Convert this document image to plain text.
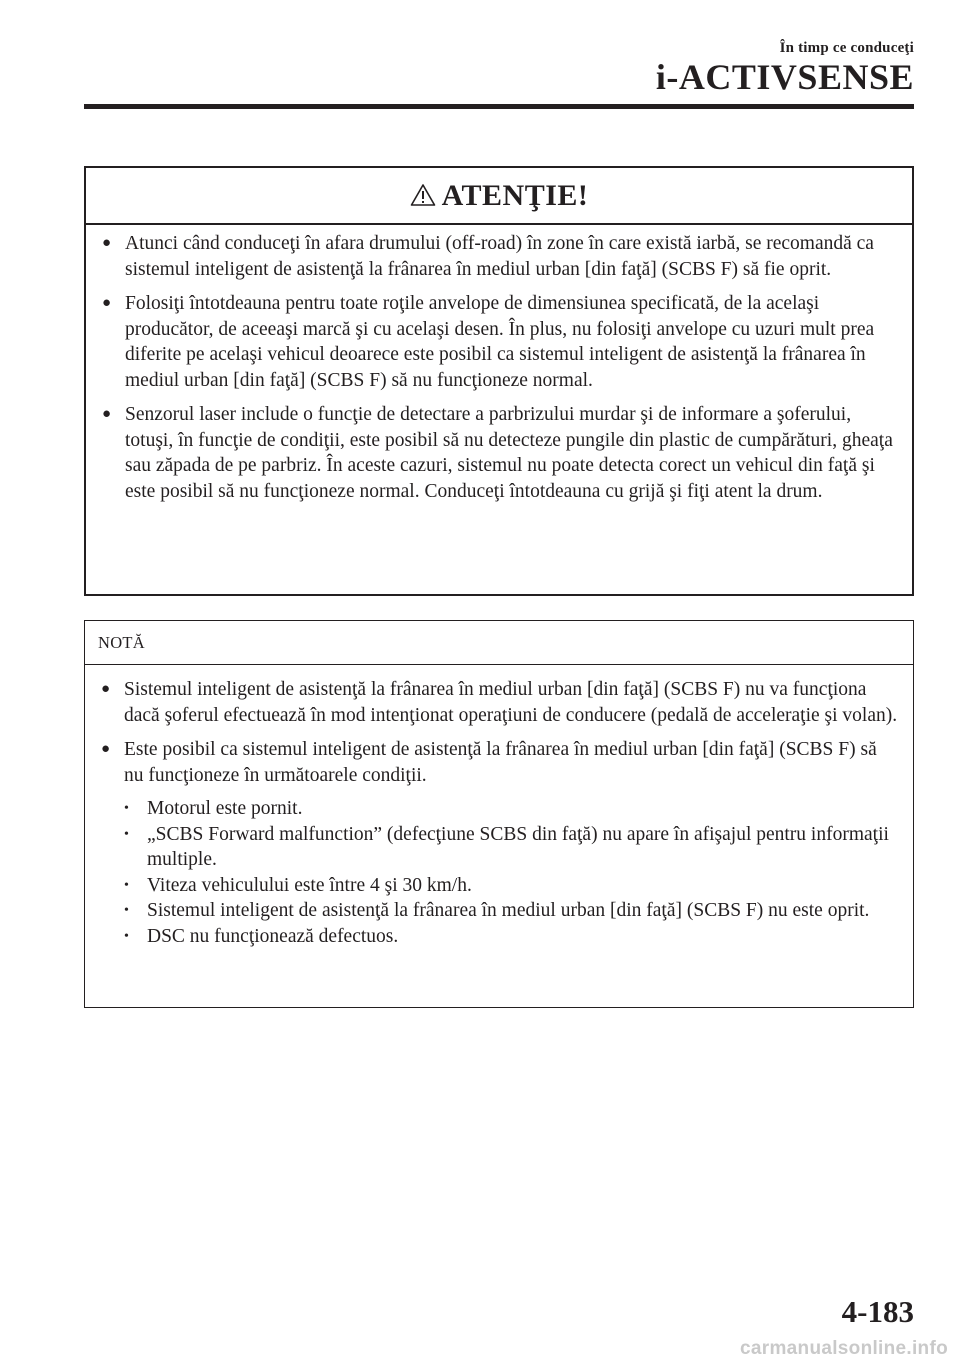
În timp ce conduceţi
i-ACTIVSENSE
ATENŢIE!
● Atunci când conduceţi în afara drumului (off-road) în zone în care există iarbă, se recomandă ca sistemul inteligent de asistenţă la frânarea în mediul urban [din faţă] (SCBS F) să fie oprit.
● Folosiţi întotdeauna pentru toate roţile anvelope de dimensiunea specificată, de la acelaşi producător, de aceeaşi marcă şi cu acelaşi desen. În plus, nu folosiţi anvelope cu uzuri mult prea diferite pe acelaşi vehicul deoarece este posibil ca sistemul inteligent de asistenţă la frânarea în mediul urban [din faţă] (SCBS F) să nu funcţioneze normal.
● Senzorul laser include o funcţie de detectare a parbrizului murdar şi de informare a şoferului, totuşi, în funcţie de condiţii, este posibil să nu detecteze pungile din plastic de cumpărături, gheaţa sau zăpada de pe parbriz. În aceste cazuri, sistemul nu poate detecta corect un vehicul din faţă şi este posibil să nu funcţioneze normal. Conduceţi întotdeauna cu grijă şi fiţi atent la drum.
NOTĂ
● Sistemul inteligent de asistenţă la frânarea în mediul urban [din faţă] (SCBS F) nu va funcţiona dacă şoferul efectuează în mod intenţionat operaţiuni de conducere (pedală de acceleraţie şi volan).
● Este posibil ca sistemul inteligent de asistenţă la frânarea în mediul urban [din faţă] (SCBS F) să nu funcţioneze în următoarele condiţii.
• Motorul este pornit.
• „SCBS Forward malfunction” (defecţiune SCBS din faţă) nu apare în afişajul pentru informaţii multiple.
• Viteza vehiculului este între 4 şi 30 km/h.
• Sistemul inteligent de asistenţă la frânarea în mediul urban [din faţă] (SCBS F) nu este oprit.
• DSC nu funcţionează defectuos.
4-183
carmanualsonline.info
